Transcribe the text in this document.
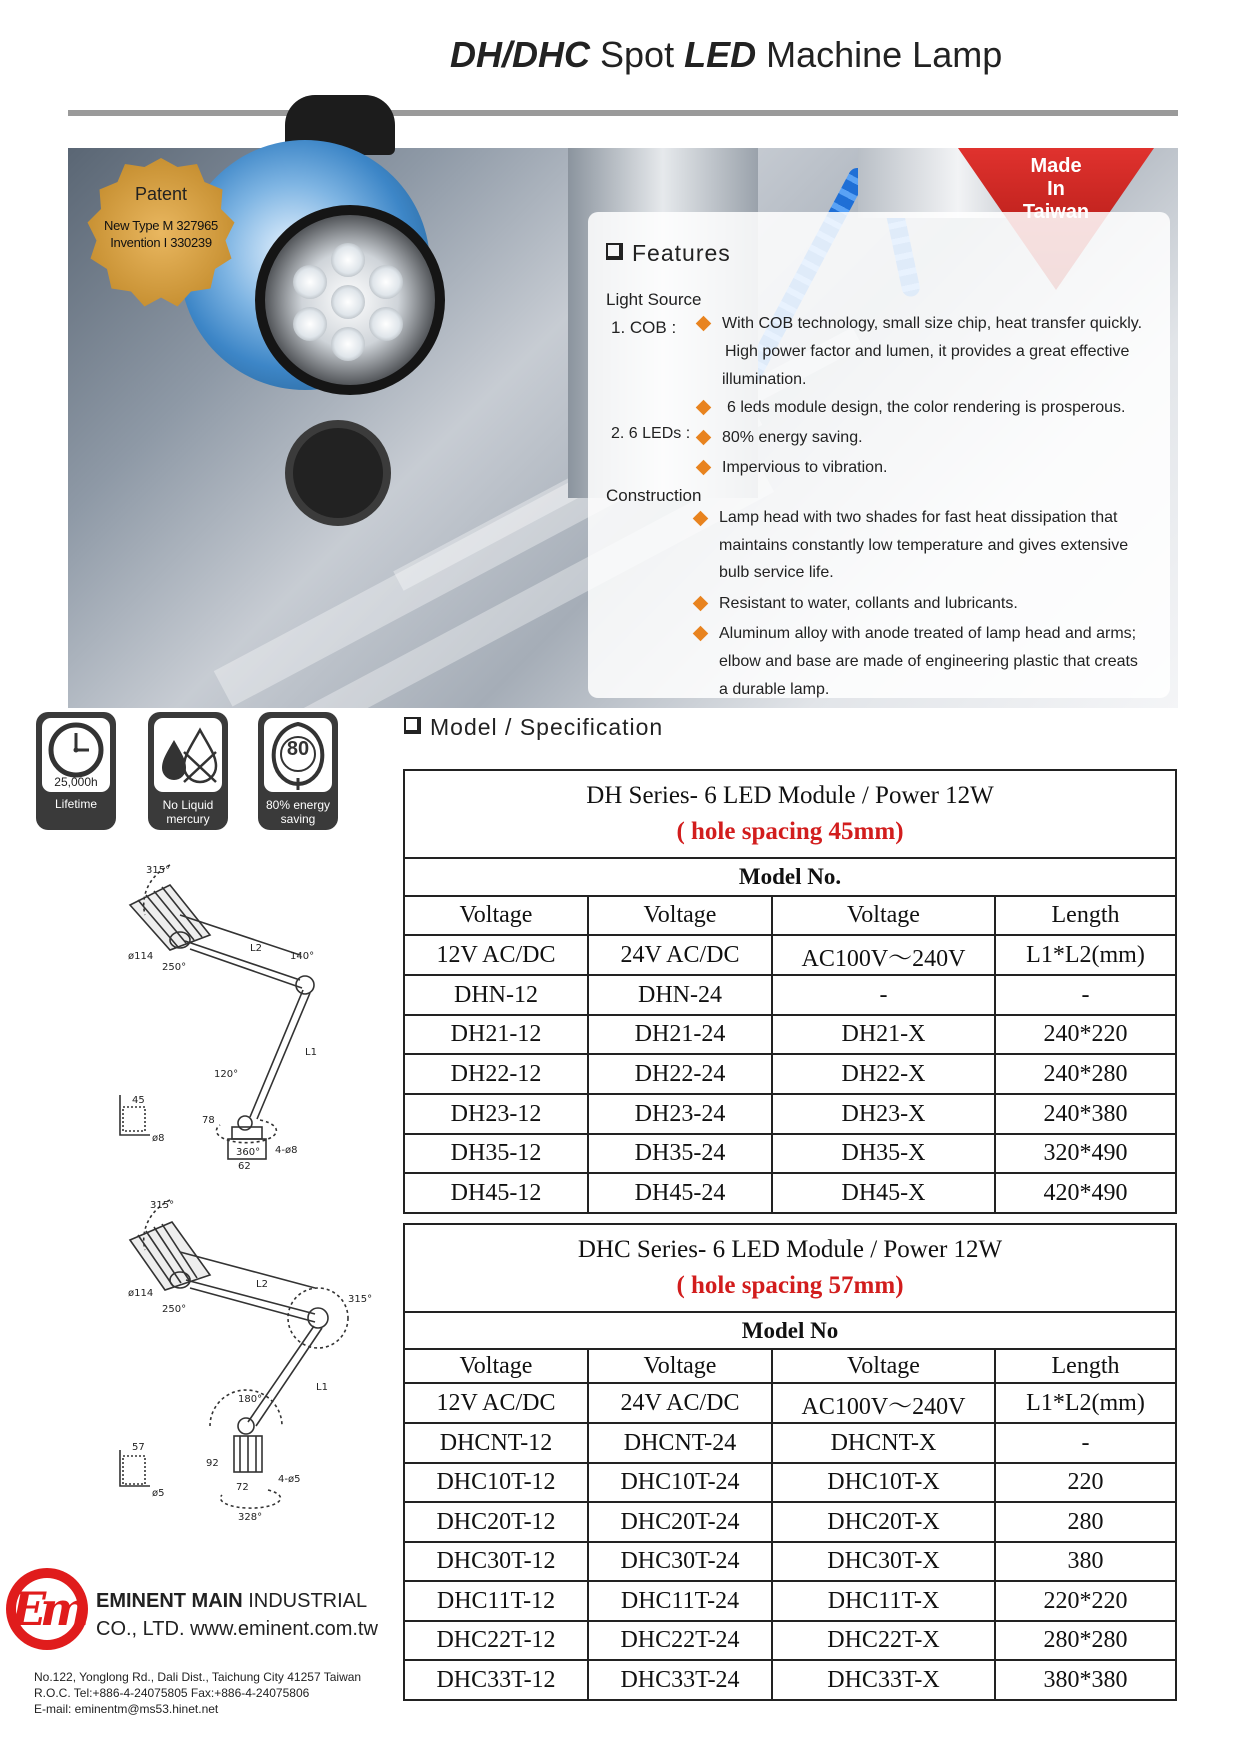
DH/DHC Spot LED Machine Lamp
Patent
New Type M 327965
Invention I 330239
Made
In
Features
Light Source
1. COB :
2. 6 LEDs :
Construction
With COB technology, small size chip, heat transfer quickly.
High power factor and lumen, it provides a great effective
illumination.
6 leds module design, the color rendering is prosperous.
80% energy saving.
Impervious to vibration.
Lamp head with two shades for fast heat dissipation that
maintains constantly low temperature and gives extensive
bulb service life.
Resistant to water, collants and lubricants.
Aluminum alloy with anode treated of lamp head and arms;
elbow and base are made of engineering plastic that creats
a durable lamp.
25,000h
Lifetime	No Liquid
mercury
80
80% energy
saving
Model / Specification
DH Series- 6 LED Module / Power 12W
( hole spacing 45mm)			

Model No.			
Voltage	Voltage	Voltage	Length
12V AC/DC	24V AC/DC	AC100V～240V	L1*L2(mm)
DHN-12	DHN-24	-	-
DH21-12	DH21-24	DH21-X	240*220
DH22-12	DH22-24	DH22-X	240*280
DH23-12	DH23-24	DH23-X	240*380
DH35-12	DH35-24	DH35-X	320*490
DH45-12	DH45-24	DH45-X	420*490
DHC Series- 6 LED Module / Power 12W
( hole spacing 57mm)			

Model No			
Voltage	Voltage	Voltage	Length
12V AC/DC	24V AC/DC	AC100V～240V	L1*L2(mm)
DHCNT-12	DHCNT-24	DHCNT-X	-
DHC10T-12	DHC10T-24	DHC10T-X	220
DHC20T-12	DHC20T-24	DHC20T-X	280
DHC30T-12	DHC30T-24	DHC30T-X	380
DHC11T-12	DHC11T-24	DHC11T-X	220*220
DHC22T-12	DHC22T-24	DHC22T-X	280*280
DHC33T-12	DHC33T-24	DHC33T-X	380*380
315°
L2
140°
ø114
250°
L1
120°
45
78
ø8
62
4-ø8
360°
315°
L2
315°
ø114
250°
L1
180°
57
92
ø5
72
4-ø5
328°
Em EMINENT MAIN INDUSTRIAL
CO., LTD. www.eminent.com.tw
No.122, Yonglong Rd., Dali Dist., Taichung City 41257 Taiwan
R.O.C. Tel:+886-4-24075805 Fax:+886-4-24075806
E-mail: eminentm@ms53.hinet.net
